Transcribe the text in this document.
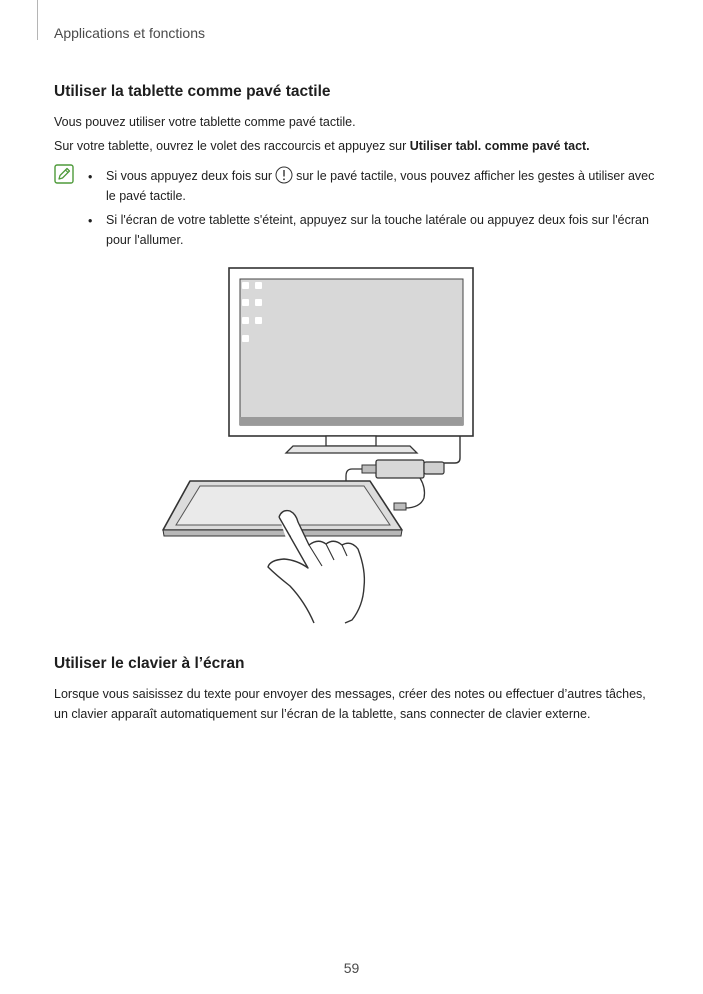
Applications et fonctions
Utiliser la tablette comme pavé tactile

Vous pouvez utiliser votre tablette comme pavé tactile.

Sur votre tablette, ouvrez le volet des raccourcis et appuyez sur Utiliser tabl. comme pavé tact.

• Si vous appuyez deux fois sur sur le pavé tactile, vous pouvez afficher les gestes à utiliser avec le pavé tactile.

• Si l'écran de votre tablette s'éteint, appuyez sur la touche latérale ou appuyez deux fois sur l'écran pour l'allumer.

Utiliser le clavier à l’écran

Lorsque vous saisissez du texte pour envoyer des messages, créer des notes ou effectuer d’autres tâches, un clavier apparaît automatiquement sur l’écran de la tablette, sans connecter de clavier externe.

59
